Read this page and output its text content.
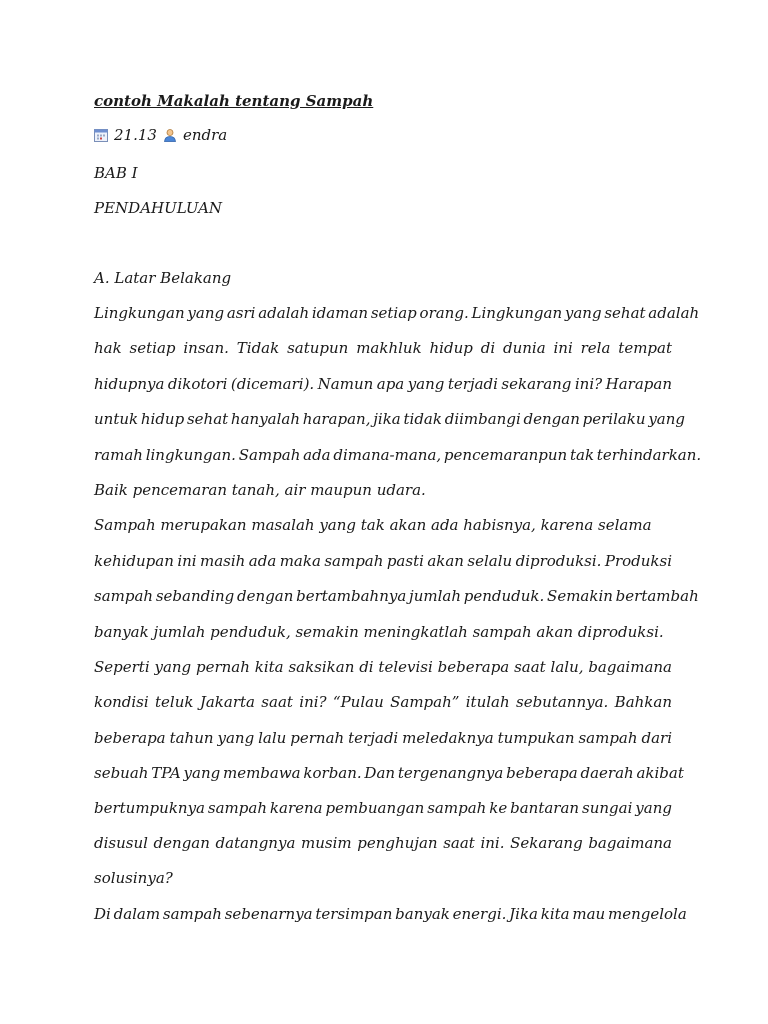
contoh Makalah tentang Sampah
21.13 endra
BAB I
PENDAHULUAN
A. Latar Belakang
Lingkungan yang asri adalah idaman setiap orang. Lingkungan yang sehat adalah
hak setiap insan. Tidak satupun makhluk hidup di dunia ini rela tempat
hidupnya dikotori (dicemari). Namun apa yang terjadi sekarang ini? Harapan
untuk hidup sehat hanyalah harapan, jika tidak diimbangi dengan perilaku yang
ramah lingkungan. Sampah ada dimana-mana, pencemaranpun tak terhindarkan.
Baik pencemaran tanah, air maupun udara.
Sampah merupakan masalah yang tak akan ada habisnya, karena selama
kehidupan ini masih ada maka sampah pasti akan selalu diproduksi. Produksi
sampah sebanding dengan bertambahnya jumlah penduduk. Semakin bertambah
banyak jumlah penduduk, semakin meningkatlah sampah akan diproduksi.
Seperti yang pernah kita saksikan di televisi beberapa saat lalu, bagaimana
kondisi teluk Jakarta saat ini? “Pulau Sampah” itulah sebutannya. Bahkan
beberapa tahun yang lalu pernah terjadi meledaknya tumpukan sampah dari
sebuah TPA yang membawa korban. Dan tergenangnya beberapa daerah akibat
bertumpuknya sampah karena pembuangan sampah ke bantaran sungai yang
disusul dengan datangnya musim penghujan saat ini. Sekarang bagaimana
solusinya?
Di dalam sampah sebenarnya tersimpan banyak energi. Jika kita mau mengelola
